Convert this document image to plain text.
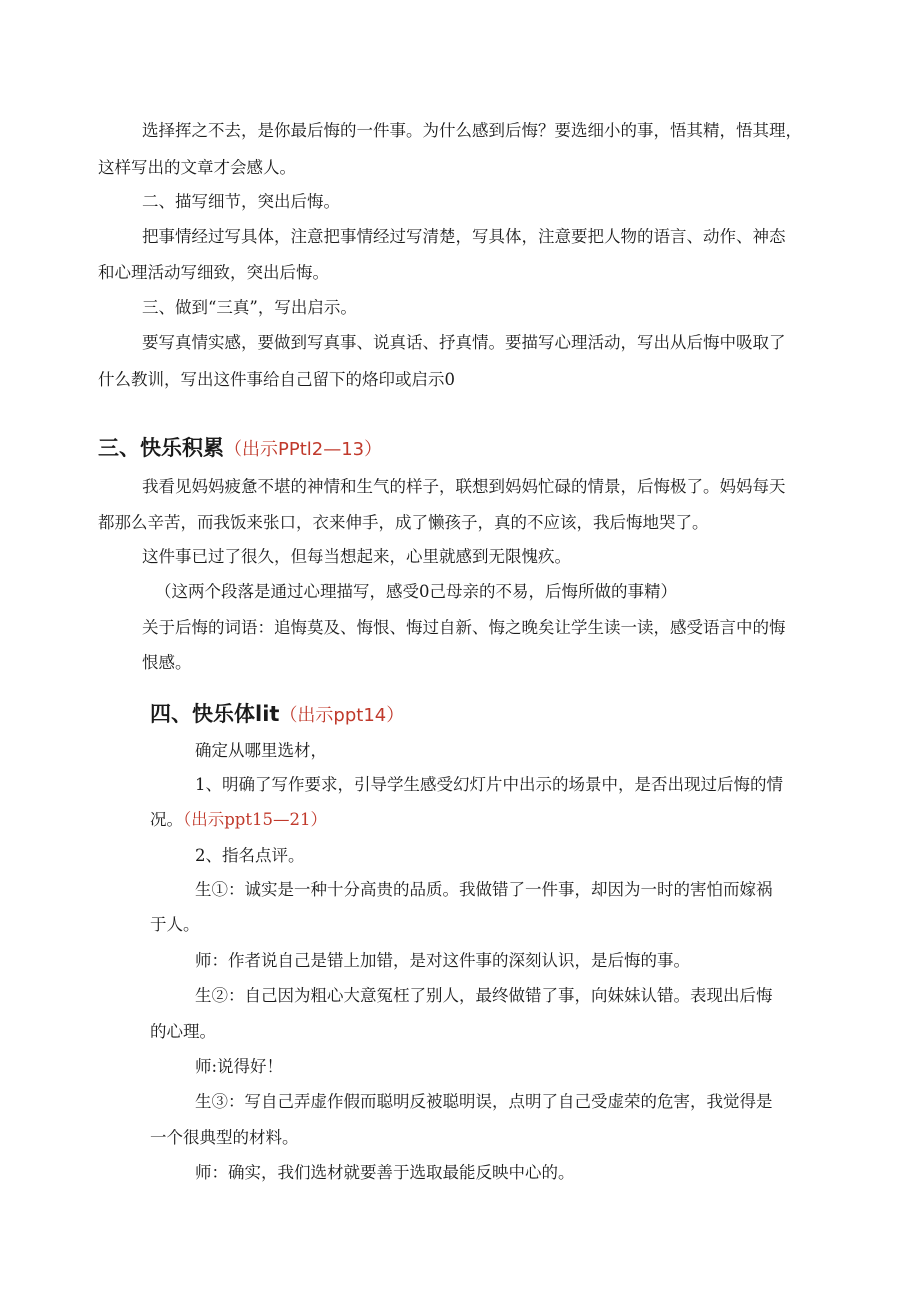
选择挥之不去，是你最后悔的一件事。为什么感到后悔？要选细小的事，悟其精，悟其理，
这样写出的文章才会感人。
二、描写细节，突出后悔。
把事情经过写具体，注意把事情经过写清楚，写具体，注意要把人物的语言、动作、神态
和心理活动写细致，突出后悔。
三、做到“三真”，写出启示。
要写真情实感，要做到写真事、说真话、抒真情。要描写心理活动，写出从后悔中吸取了
什么教训，写出这件事给自己留下的烙印或启示0
三、快乐积累（出示PPtl2—13）
我看见妈妈疲惫不堪的神情和生气的样子，联想到妈妈忙碌的情景，后悔极了。妈妈每天
都那么辛苦，而我饭来张口，衣来伸手，成了懒孩子，真的不应该，我后悔地哭了。
这件事已过了很久，但每当想起来，心里就感到无限愧疚。
（这两个段落是通过心理描写，感受0己母亲的不易，后悔所做的事精）
关于后悔的词语：追悔莫及、悔恨、悔过自新、悔之晚矣让学生读一读，感受语言中的悔
恨感。
四、快乐体lit（出示ppt14）
确定从哪里选材，
1、明确了写作要求，引导学生感受幻灯片中出示的场景中，是否出现过后悔的情
况。（出示ppt15—21）
2、指名点评。
生①：诚实是一种十分高贵的品质。我做错了一件事，却因为一时的害怕而嫁祸
于人。
师：作者说自己是错上加错，是对这件事的深刻认识，是后悔的事。
生②：自己因为粗心大意冤枉了别人，最终做错了事，向妹妹认错。表现出后悔
的心理。
师:说得好！
生③：写自己弄虚作假而聪明反被聪明误，点明了自己受虚荣的危害，我觉得是
一个很典型的材料。
师：确实，我们选材就要善于选取最能反映中心的。
